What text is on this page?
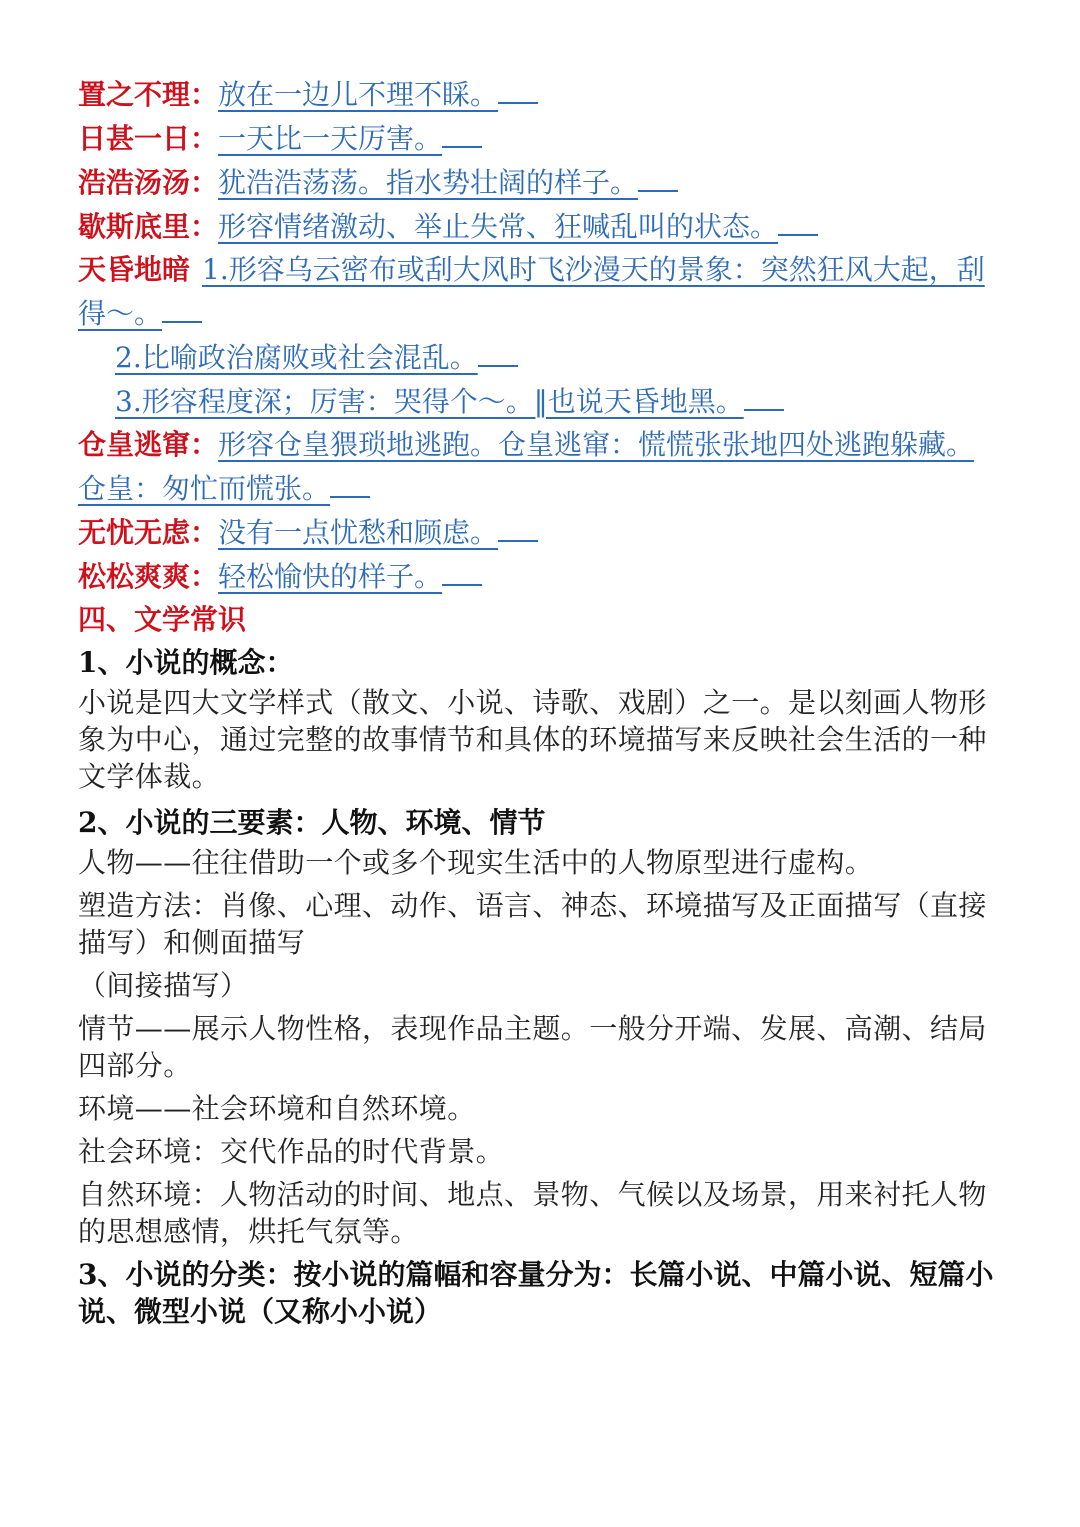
置之不理：放在一边儿不理不睬。
日甚一日：一天比一天厉害。
浩浩汤汤：犹浩浩荡荡。指水势壮阔的样子。
歇斯底里：形容情绪激动、举止失常、狂喊乱叫的状态。
天昏地暗 1.形容乌云密布或刮大风时飞沙漫天的景象：突然狂风大起，刮
得～。
2.比喻政治腐败或社会混乱。
3.形容程度深；厉害：哭得个～。‖也说天昏地黑。
仓皇逃窜：形容仓皇猥琐地逃跑。仓皇逃窜：慌慌张张地四处逃跑躲藏。
仓皇：匆忙而慌张。
无忧无虑：没有一点忧愁和顾虑。
松松爽爽：轻松愉快的样子。
四、文学常识
1、小说的概念：
小说是四大文学样式（散文、小说、诗歌、戏剧）之一。是以刻画人物形象为中心，通过完整的故事情节和具体的环境描写来反映社会生活的一种文学体裁。
2、小说的三要素：人物、环境、情节
人物——往往借助一个或多个现实生活中的人物原型进行虚构。
塑造方法：肖像、心理、动作、语言、神态、环境描写及正面描写（直接描写）和侧面描写
（间接描写）
情节——展示人物性格，表现作品主题。一般分开端、发展、高潮、结局四部分。
环境——社会环境和自然环境。
社会环境：交代作品的时代背景。
自然环境：人物活动的时间、地点、景物、气候以及场景，用来衬托人物的思想感情，烘托气氛等。
3、小说的分类：按小说的篇幅和容量分为：长篇小说、中篇小说、短篇小说、微型小说（又称小小说）
